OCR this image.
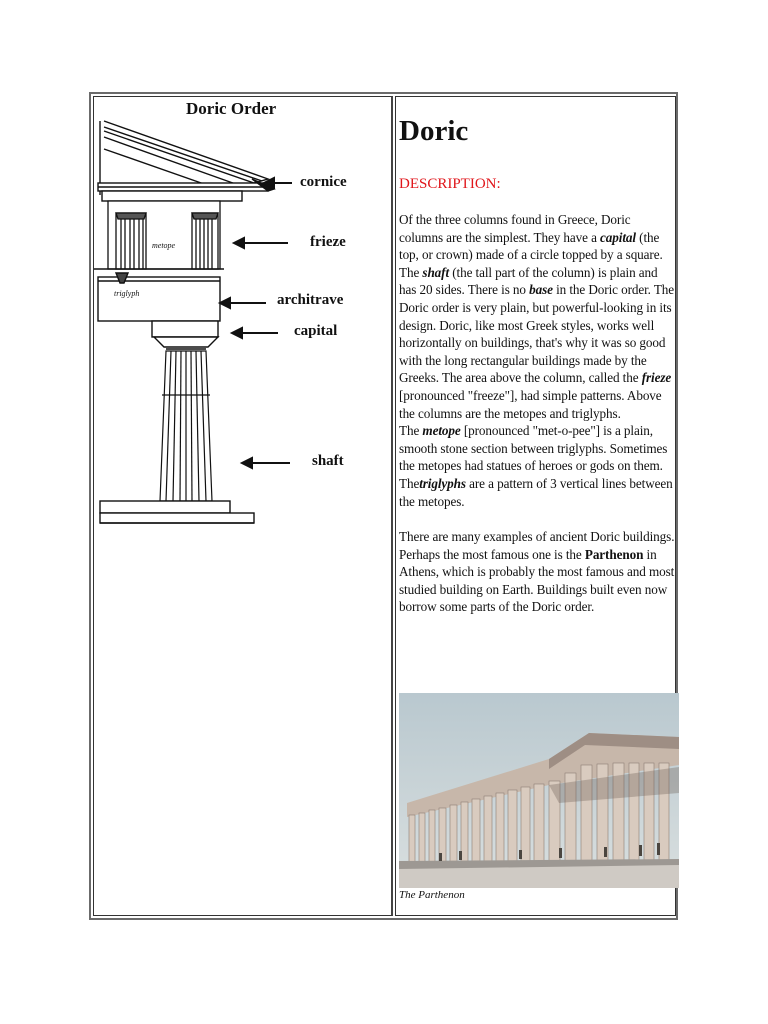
Doric Order
cornice
frieze
architrave
capital
shaft
metope
triglyph
Doric
DESCRIPTION:

Of the three columns found in Greece, Doric columns are the simplest. They have a capital (the top, or crown) made of a circle topped by a square. The shaft (the tall part of the column) is plain and has 20 sides. There is no base in the Doric order. The Doric order is very plain, but powerful-looking in its design. Doric, like most Greek styles, works well horizontally on buildings, that's why it was so good with the long rectangular buildings made by the Greeks. The area above the column, called the frieze [pronounced "freeze"], had simple patterns. Above the columns are the metopes and triglyphs.

The metope [pronounced "met-o-pee"] is a plain, smooth stone section between triglyphs. Sometimes the metopes had statues of heroes or gods on them. Thetriglyphs are a pattern of 3 vertical lines between the metopes.

There are many examples of ancient Doric buildings. Perhaps the most famous one is the Parthenon in Athens, which is probably the most famous and most studied building on Earth. Buildings built even now borrow some parts of the Doric order.

The Parthenon
